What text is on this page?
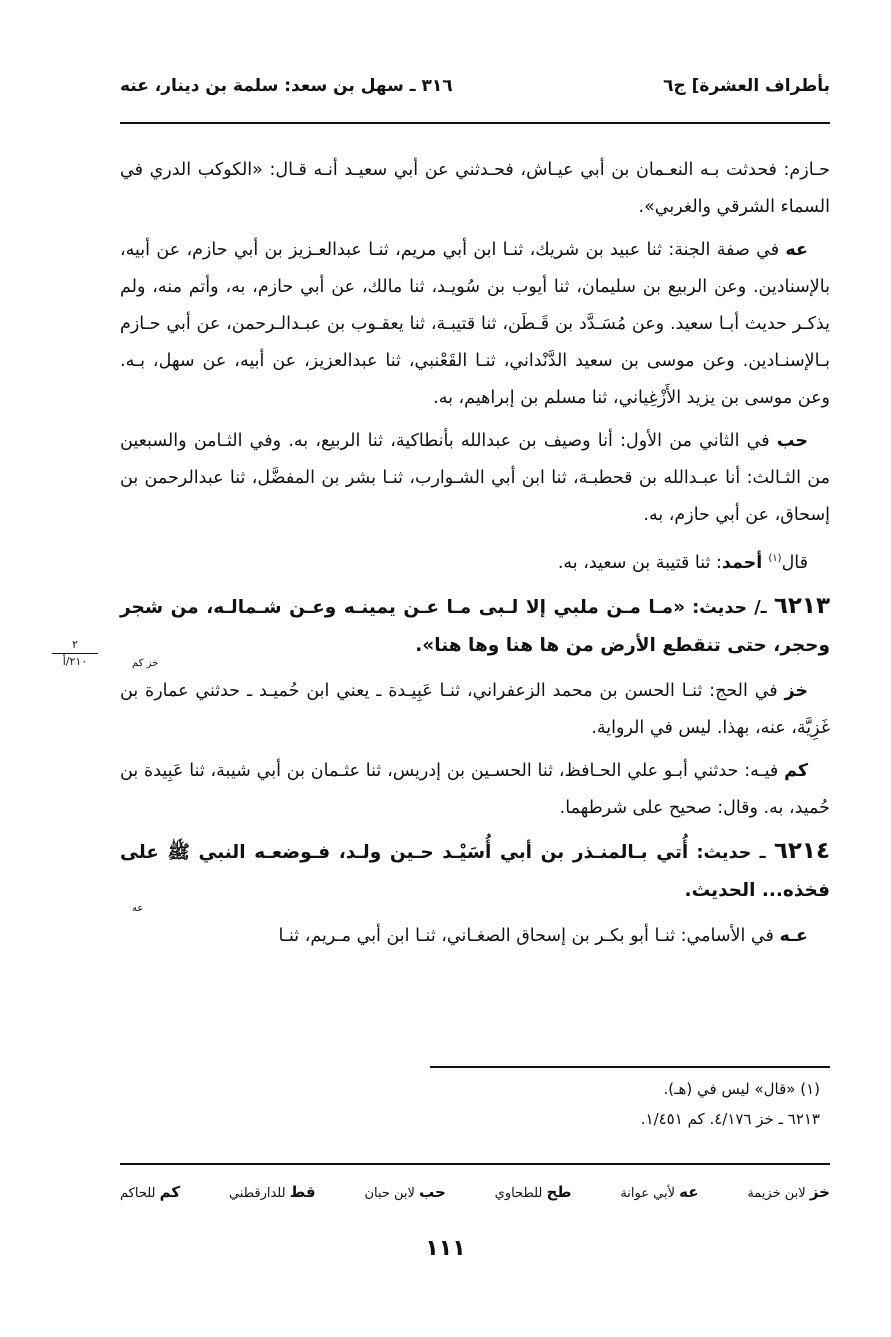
بأطراف العشرة] ج٦
٣١٦ ـ سهل بن سعد: سلمة بن دينار، عنه

حـازم: فحدثت بـه النعـمان بن أبي عيـاش، فحـدثني عن أبي سعيـد أنـه قـال: «الكوكب الدري في السماء الشرقي والغربي».

عه في صفة الجنة: ثنا عبيد بن شريك، ثنـا ابن أبي مريم، ثنـا عبدالعـزيز بن أبي حازم، عن أبيه، بالإسنادين. وعن الربيع بن سليمان، ثنا أيوب بن سُويـد، ثنا مالك، عن أبي حازم، به، وأتم منه، ولم يذكـر حديث أبـا سعيد. وعن مُسَـدَّد بن قَـطَن، ثنا قتيبـة، ثنا يعقـوب بن عبـدالـرحمن، عن أبي حـازم بـالإسنـادين. وعن موسى بن سعيد الدَّنْداني، ثنـا القَعْنبي، ثنا عبدالعزيز، عن أبيه، عن سهل، بـه. وعن موسى بن يزيد الأَزْغِياني، ثنا مسلم بن إبراهيم، به.

حب في الثاني من الأول: أنا وصيف بن عبدالله بأنطاكية، ثنا الربيع، به. وفي الثـامن والسبعين من الثـالث: أنا عبـدالله بن قحطبـة، ثنا ابن أبي الشـوارب، ثنـا بشر بن المفضَّل، ثنا عبدالرحمن بن إسحاق، عن أبي حازم، به.

قال$^{(١)}$ أحمد: ثنا قتيبة بن سعيد، به.

٦٢١٣ ـ/ حديث: «مـا مـن ملبي إلا لـبى مـا عـن يمينـه وعـن شـمالـه، من شجر وحجر، حتى تنقطع الأرض من ها هنا وها هنا».
خز كم

خز في الحج: ثنـا الحسن بن محمد الزعفراني، ثنـا عَبِيـدة ـ يعني ابن حُميـد ـ حدثني عمارة بن غَزِيَّة، عنه، بهذا. ليس في الرواية.

كم فيـه: حدثني أبـو علي الحـافظ، ثنا الحسـين بن إدريس، ثنا عثـمان بن أبي شيبة، ثنا عَبِيدة بن حُميد، به. وقال: صحيح على شرطهما.

٦٢١٤ ـ حديث: أُتي بـالمنـذر بن أبي أُسَيْـد حـين ولـد، فـوضعـه النبي ﷺ على فخذه... الحديث.
عه

عـه في الأسامي: ثنـا أبو بكـر بن إسحاق الصغـاني، ثنـا ابن أبي مـريم، ثنـا

٢
٢١٠/أ
(١) «قال» ليس في (هـ).
٦٢١٣ ـ خز ٤/١٧٦. كم ١/٤٥١.
خز لابن خزيمة
عه لأبي عوانة
طح للطحاوي
حب لابن حبان
قط للدارقطني
كم للحاكم
١١١
